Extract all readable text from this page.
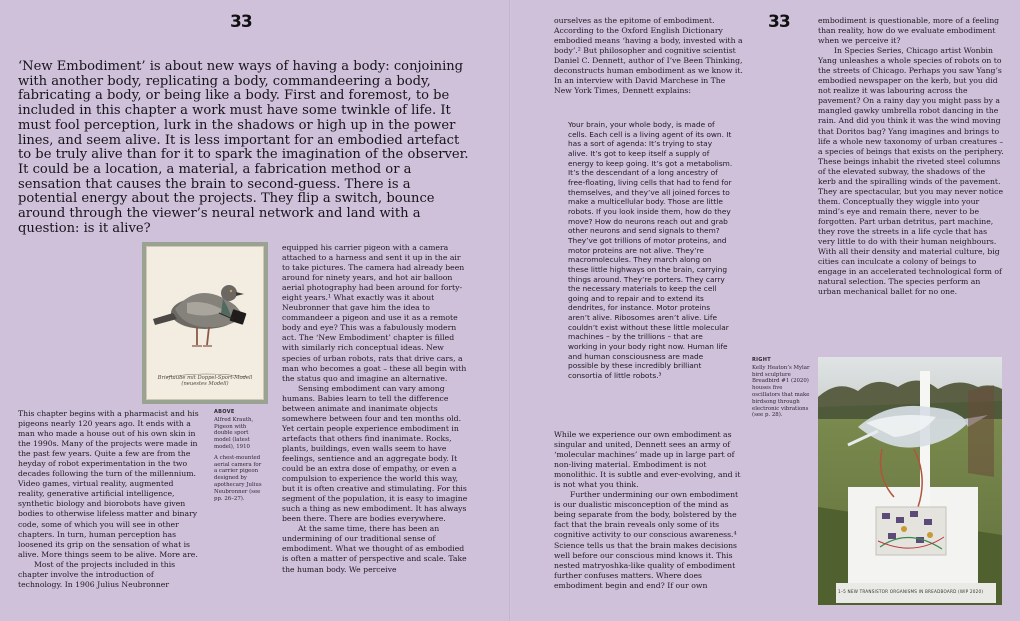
33
‘New Embodiment’ is about new ways of having a body: conjoining with another body, replicating a body, commandeering a body, fabricating a body, or being like a body. First and foremost, to be included in this chapter a work must have some twinkle of life. It must fool perception, lurk in the shadows or high up in the power lines, and seem alive. It is less important for an embodied artefact to be truly alive than for it to spark the imagination of the observer. It could be a location, a material, a fabrication method or a sensation that causes the brain to second-guess. There is a potential energy about the projects. They flip a switch, bounce around through the viewer’s neural network and land with a question: is it alive?
Brieftaube mit Doppel-Sport-Modell (neuestes Modell)

This chapter begins with a pharmacist and his pigeons nearly 120 years ago. It ends with a man who made a house out of his own skin in the 1990s. Many of the projects were made in the past few years. Quite a few are from the heyday of robot experimentation in the two decades following the turn of the millennium. Video games, virtual reality, augmented reality, generative artificial intelligence, synthetic biology and biorobots have given bodies to otherwise lifeless matter and binary code, some of which you will see in other chapters. In turn, human perception has loosened its grip on the sensation of what is alive. More things seem to be alive. More are.

Most of the projects included in this chapter involve the introduction of technology. In 1906 Julius Neubronner

ABOVE
Alfred Krauth, Pigeon with double sport model (latest model), 1910
A chest-mounted aerial camera for a carrier pigeon designed by apothecary Julius Neubronner (see pp. 26–27).

equipped his carrier pigeon with a camera attached to a harness and sent it up in the air to take pictures. The camera had already been around for ninety years, and hot air balloon aerial photography had been around for forty-eight years.¹ What exactly was it about Neubronner that gave him the idea to commandeer a pigeon and use it as a remote body and eye? This was a fabulously modern act. The ‘New Embodiment’ chapter is filled with similarly rich conceptual ideas. New species of urban robots, rats that drive cars, a man who becomes a goat – these all begin with the status quo and imagine an alternative.

Sensing embodiment can vary among humans. Babies learn to tell the difference between animate and inanimate objects somewhere between four and ten months old. Yet certain people experience embodiment in artefacts that others find inanimate. Rocks, plants, buildings, even walls seem to have feelings, sentience and an aggregate body. It could be an extra dose of empathy, or even a compulsion to experience the world this way, but it is often creative and stimulating. For this segment of the population, it is easy to imagine such a thing as new embodiment. It has always been there. There are bodies everywhere.

At the same time, there has been an undermining of our traditional sense of embodiment. What we thought of as embodied is often a matter of perspective and scale. Take the human body. We perceive

33

ourselves as the epitome of embodiment. According to the Oxford English Dictionary embodied means ‘having a body, invested with a body’.² But philosopher and cognitive scientist Daniel C. Dennett, author of I’ve Been Thinking, deconstructs human embodiment as we know it. In an interview with David Marchese in The New York Times, Dennett explains:

Your brain, your whole body, is made of cells. Each cell is a living agent of its own. It has a sort of agenda: It’s trying to stay alive. It’s got to keep itself a supply of energy to keep going. It’s got a metabolism. It’s the descendant of a long ancestry of free-floating, living cells that had to fend for themselves, and they’ve all joined forces to make a multicellular body. Those are little robots. If you look inside them, how do they move? How do neurons reach out and grab other neurons and send signals to them? They’ve got trillions of motor proteins, and motor proteins are not alive. They’re macromolecules. They march along on these little highways on the brain, carrying things around. They’re porters. They carry the necessary materials to keep the cell going and to repair and to extend its dendrites, for instance. Motor proteins aren’t alive. Ribosomes aren’t alive. Life couldn’t exist without these little molecular machines – by the trillions – that are working in your body right now. Human life and human consciousness are made possible by these incredibly brilliant consortia of little robots.³

While we experience our own embodiment as singular and united, Dennett sees an army of ‘molecular machines’ made up in large part of non-living material. Embodiment is not monolithic. It is subtle and ever-evolving, and it is not what you think.

Further undermining our own embodiment is our dualistic misconception of the mind as being separate from the body, bolstered by the fact that the brain reveals only some of its cognitive activity to our conscious awareness.⁴ Science tells us that the brain makes decisions well before our conscious mind knows it. This nested matryoshka-like quality of embodiment further confuses matters. Where does embodiment begin and end? If our own

embodiment is questionable, more of a feeling than reality, how do we evaluate embodiment when we perceive it?

In Species Series, Chicago artist Wonbin Yang unleashes a whole species of robots on to the streets of Chicago. Perhaps you saw Yang’s embodied newspaper on the kerb, but you did not realize it was labouring across the pavement? On a rainy day you might pass by a mangled gawky umbrella robot dancing in the rain. And did you think it was the wind moving that Doritos bag? Yang imagines and brings to life a whole new taxonomy of urban creatures – a species of beings that exists on the periphery. These beings inhabit the riveted steel columns of the elevated subway, the shadows of the kerb and the spiralling winds of the pavement. They are spectacular, but you may never notice them. Conceptually they wiggle into your mind’s eye and remain there, never to be forgotten. Part urban detritus, part machine, they rove the streets in a life cycle that has very little to do with their human neighbours. With all their density and material culture, big cities can inculcate a colony of beings to engage in an accelerated technological form of natural selection. The species perform an urban mechanical ballet for no one.

RIGHT
Kelly Heaton’s Mylar bird sculpture Breadbird #1 (2020) houses five oscillators that make birdsong through electronic vibrations (see p. 28).
1–5 NEW TRANSISTOR ORGANISMS IN BREADBOARD (WIP 2020)
